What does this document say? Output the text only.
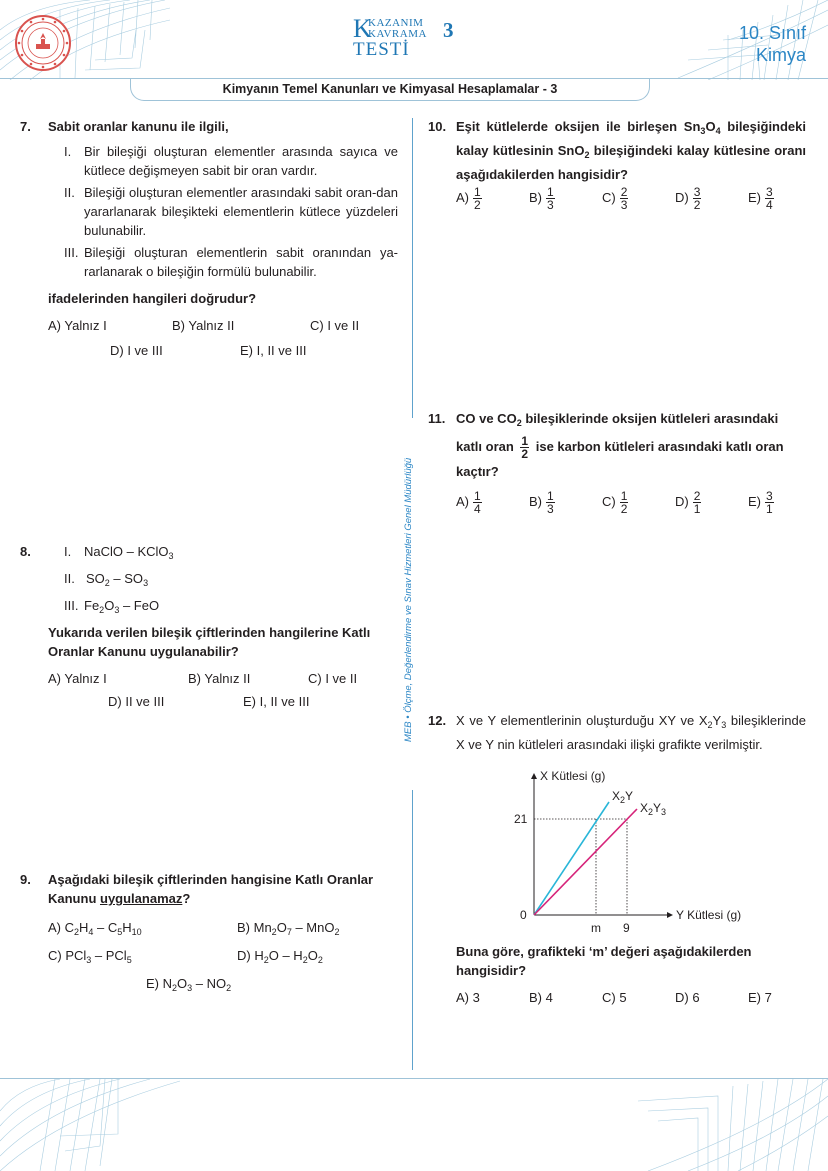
K
KAZANIM
KAVRAMA
TESTİ
3	10. Sınıf
Kimya
Kimyanın Temel Kanunları ve Kimyasal Hesaplamalar - 3
MEB • Ölçme, Değerlendirme ve Sınav Hizmetleri Genel Müdürlüğü
7. Sabit oranlar kanunu ile ilgili,
I. Bir bileşiği oluşturan elementler arasında sayıca ve kütlece değişmeyen sabit bir oran vardır.
II. Bileşiği oluşturan elementler arasındaki sabit oran-dan yararlanarak bileşikteki elementlerin kütlece yüzdeleri bulunabilir.
III. Bileşiği oluşturan elementlerin sabit oranından ya-rarlanarak o bileşiğin formülü bulunabilir.
ifadelerinden hangileri doğrudur?
A) Yalnız I	B) Yalnız II	C) I ve II
D) I ve III	E) I, II ve III
8.	I. NaClO – KClO$_3$
II. $SO_2 - SO_3$
III. $Fe_2O_3$ – FeO
Yukarıda verilen bileşik çiftlerinden hangilerine Katlı Oranlar Kanunu uygulanabilir?
A) Yalnız I	B) Yalnız II	C) I ve II
D) II ve III	E) I, II ve III
9. Aşağıdaki bileşik çiftlerinden hangisine Katlı Oranlar Kanunu uygulanamaz?
A) $C_2H_4 - C_5H_{10}$	B) $Mn_2O_7 - MnO_2$
C) PCl$_3$ – PCl$_5$	D) $H_2O - H_2O_2$
E) $N_2O_3 - NO_2$
10. Eşit kütlelerde oksijen ile birleşen $Sn_3O_4$ bileşiğindeki kalay kütlesinin SnO$_2$ bileşiğindeki kalay kütlesine oranı aşağıdakilerden hangisidir?
$A) \frac{1}{2}$	$B) \frac{1}{3}$	$C) \frac{2}{3}$	$D) \frac{3}{2}$	$E) \frac{3}{4}$
11. CO ve $CO_2$ bileşiklerinde oksijen kütleleri arasındaki katlı oran $\frac{1}{2}$ ise karbon kütleleri arasındaki katlı oran kaçtır?
$A) \frac{1}{4}$	$B) \frac{1}{3}$	$C) \frac{1}{2}$	$D) \frac{2}{1}$	$E) \frac{3}{1}$
12. X ve Y elementlerinin oluşturduğu XY ve $X_2Y_3$ bileşiklerinde X ve Y nin kütleleri arasındaki ilişki grafikte verilmiştir.
X Kütlesi (g)
Y Kütlesi (g)
21
0
m 9
$X_2Y$
$X_2Y_3$
Buna göre, grafikteki ‘m’ değeri aşağıdakilerden hangisidir?
A) 3	B) 4	C) 5	D) 6	E) 7
